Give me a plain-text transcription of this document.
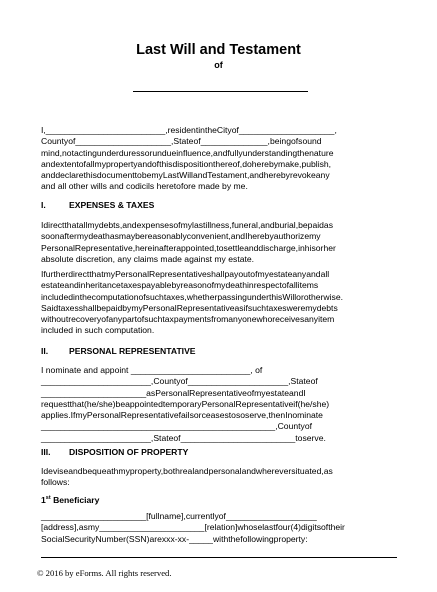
Last Will and Testament
of
I,_________________________,residentintheCityof____________________,
Countyof____________________,Stateof______________,beingofsound
mind,notactingunderduressorundueinfluence,andfullyunderstandingthenature
andextentofallmypropertyandofthisdispositionthereof,doherebymake,publish,
anddeclarethisdocumenttobemyLastWillandTestament,andherebyrevokeany
and all other wills and codicils heretofore made by me.
I.	EXPENSES & TAXES
Idirectthatallmydebts,andexpensesofmylastillness,funeral,andburial,bepaidas
soonaftermydeathasmaybereasonablyconvenient,andIherebyauthorizemy
PersonalRepresentative,hereinafterappointed,tosettleanddischarge,inhisorher
absolute discretion, any claims made against my estate.
IfurtherdirectthatmyPersonalRepresentativeshallpayoutofmyestateanyandall
estateandinheritancetaxespayablebyreasonofmydeathinrespectofallitems
includedinthecomputationofsuchtaxes,whetherpassingunderthisWillorotherwise.
SaidtaxesshallbepaidbymyPersonalRepresentativeasifsuchtaxesweremydebts
withoutrecoveryofanypartofsuchtaxpaymentsfromanyonewhoreceivesanyitem
included in such computation.
II. PERSONAL REPRESENTATIVE
I nominate and appoint _________________________, of
_______________________,Countyof_____________________,Stateof
______________________asPersonalRepresentativeofmyestateandI
requestthat(he/she)beappointedtemporaryPersonalRepresentativeif(he/she)
applies.IfmyPersonalRepresentativefailsorceasestososerve,thenInominate
_________________________________________________,Countyof
_______________________,Stateof________________________toserve.
III. DISPOSITION OF PROPERTY
Ideviseandbequeathmyproperty,bothrealandpersonalandwhereversituated,as
follows:
1st Beneficiary
______________________[fullname],currentlyof___________________
[address],asmy______________________[relation]whoselastfour(4)digitsoftheir
SocialSecurityNumber(SSN)arexxx-xx-_____withthefollowingproperty:
© 2016 by eForms. All rights reserved.
